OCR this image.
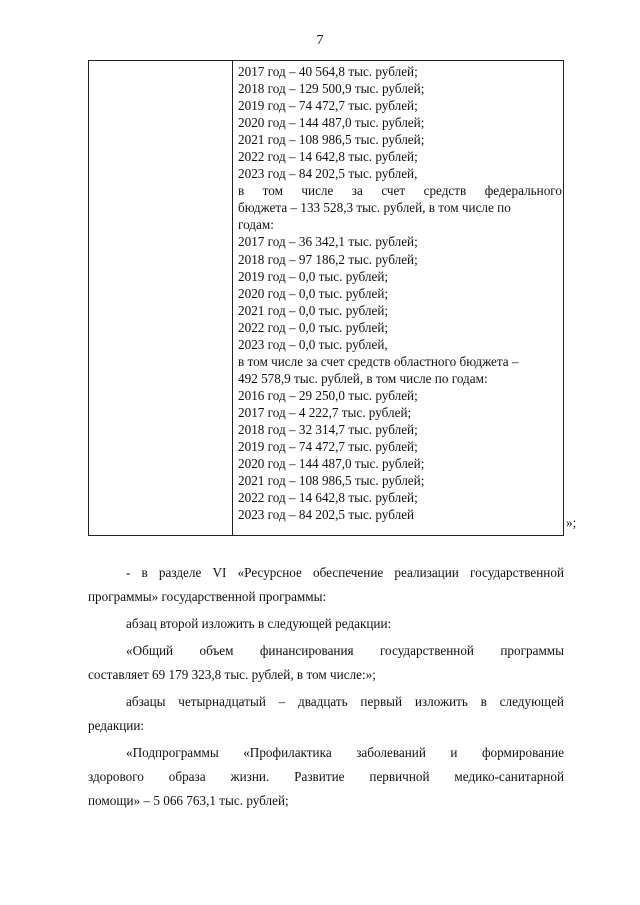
7
2017 год – 40 564,8 тыс. рублей;
2018 год – 129 500,9 тыс. рублей;
2019 год – 74 472,7 тыс. рублей;
2020 год – 144 487,0 тыс. рублей;
2021 год – 108 986,5 тыс. рублей;
2022 год – 14 642,8 тыс. рублей;
2023 год – 84 202,5 тыс. рублей,
в том числе за счет средств федерального
бюджета – 133 528,3 тыс. рублей, в том числе по
годам:
2017 год – 36 342,1 тыс. рублей;
2018 год – 97 186,2 тыс. рублей;
2019 год – 0,0 тыс. рублей;
2020 год – 0,0 тыс. рублей;
2021 год – 0,0 тыс. рублей;
2022 год – 0,0 тыс. рублей;
2023 год – 0,0 тыс. рублей,
в том числе за счет средств областного бюджета –
492 578,9 тыс. рублей, в том числе по годам:
2016 год – 29 250,0 тыс. рублей;
2017 год – 4 222,7 тыс. рублей;
2018 год – 32 314,7 тыс. рублей;
2019 год – 74 472,7 тыс. рублей;
2020 год – 144 487,0 тыс. рублей;
2021 год – 108 986,5 тыс. рублей;
2022 год – 14 642,8 тыс. рублей;
2023 год – 84 202,5 тыс. рублей
»;
- в разделе VI «Ресурсное обеспечение реализации государственной
программы» государственной программы:
абзац второй изложить в следующей редакции:
«Общий объем финансирования государственной программы
составляет 69 179 323,8 тыс. рублей, в том числе:»;
абзацы четырнадцатый – двадцать первый изложить в следующей
редакции:
«Подпрограммы «Профилактика заболеваний и формирование
здорового образа жизни. Развитие первичной медико-санитарной
помощи» – 5 066 763,1 тыс. рублей;
